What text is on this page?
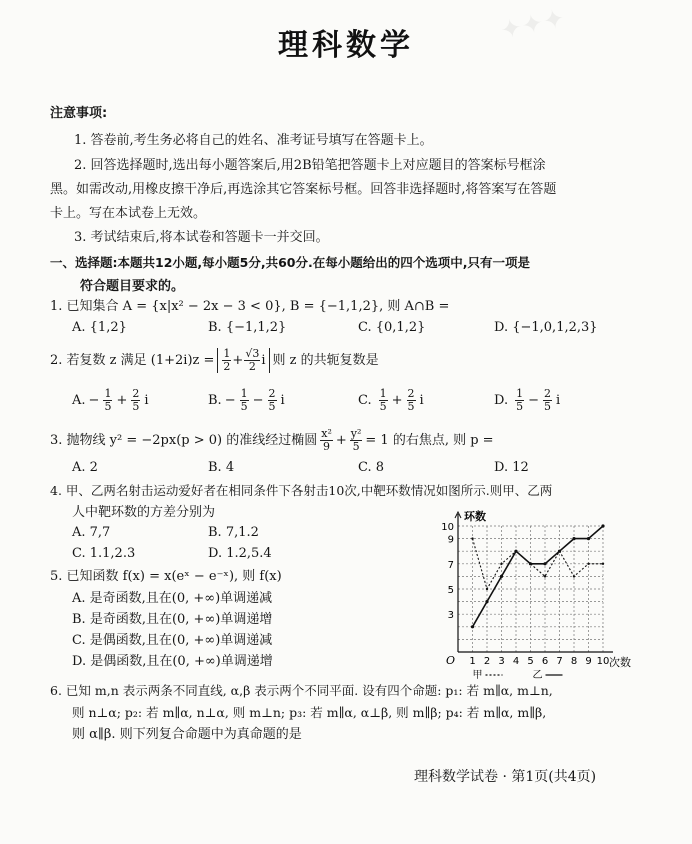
✦✦✦
理科数学
注意事项:
1. 答卷前,考生务必将自己的姓名、准考证号填写在答题卡上。
2. 回答选择题时,选出每小题答案后,用2B铅笔把答题卡上对应题目的答案标号框涂
黑。如需改动,用橡皮擦干净后,再选涂其它答案标号框。回答非选择题时,将答案写在答题
卡上。写在本试卷上无效。
3. 考试结束后,将本试卷和答题卡一并交回。
一、选择题:本题共12小题,每小题5分,共60分.在每小题给出的四个选项中,只有一项是
符合题目要求的。
1. 已知集合 A = {x|x² − 2x − 3 < 0}, B = {−1,1,2}, 则 A∩B =
A. {1,2}	B. {−1,1,2}	C. {0,1,2}	D. {−1,0,1,2,3}
2. 若复数 z 满足 $(1+2i)z = \frac{1}{2} + \frac{√3}{2}$ i 则 z 的共轭复数是
A. − $\frac{1}{5} + \frac{2}{5}$ i	B. − $\frac{1}{5} - \frac{2}{5}$ i	C. $\frac{1}{5} + \frac{2}{5}$ i	D. $\frac{1}{5} - \frac{2}{5}$ i
3. 抛物线 y² = −2px(p > 0) 的准线经过椭圆 $\frac{\text{x²}}{9} + \frac{\text{y²}}{5} = 1$ 的右焦点, 则 p =
A. 2	B. 4	C. 8	D. 12
4. 甲、乙两名射击运动爱好者在相同条件下各射击10次,中靶环数情况如图所示.则甲、乙两
人中靶环数的方差分别为
A. 7,7	B. 7,1.2
C. 1.1,2.3	D. 1.2,5.4
5. 已知函数 f(x) = x(eˣ − e⁻ˣ), 则 f(x)
A. 是奇函数,且在(0, +∞)单调递减
B. 是奇函数,且在(0, +∞)单调递增
C. 是偶函数,且在(0, +∞)单调递减
D. 是偶函数,且在(0, +∞)单调递增
环数
次数
O 1 2 3 4 5 6 7 8 9 10
3
5
7
9
10
甲	乙
6. 已知 m,n 表示两条不同直线, α,β 表示两个不同平面. 设有四个命题: p₁: 若 m∥α, m⊥n,
则 n⊥α; p₂: 若 m∥α, n⊥α, 则 m⊥n; p₃: 若 m∥α, α⊥β, 则 m∥β; p₄: 若 m∥α, m∥β,
则 α∥β. 则下列复合命题中为真命题的是
理科数学试卷 · 第1页(共4页)
